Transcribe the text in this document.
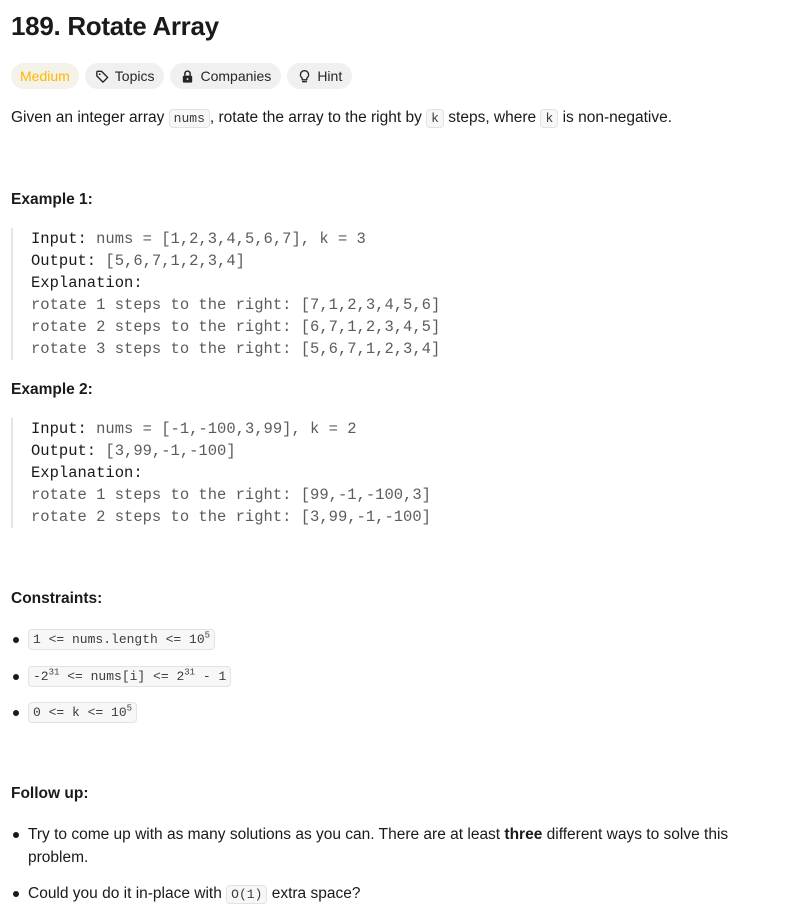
189. Rotate Array
Medium	Topics	Companies	Hint

Given an integer array nums , rotate the array to the right by k steps, where k is non-negative.

Example 1:
Input: nums = [1,2,3,4,5,6,7], k = 3
Output: [5,6,7,1,2,3,4]
Explanation:
rotate 1 steps to the right: [7,1,2,3,4,5,6]
rotate 2 steps to the right: [6,7,1,2,3,4,5]
rotate 3 steps to the right: [5,6,7,1,2,3,4]
Example 2:
Input: nums = [-1,-100,3,99], k = 2
Output: [3,99,-1,-100]
Explanation:
rotate 1 steps to the right: [99,-1,-100,3]
rotate 2 steps to the right: [3,99,-1,-100]
Constraints:
1 <= nums.length <= $10^5$
$-2^{31}$ <= nums[i] <= $2^{31} - 1$
$0 <= k <= 10^5$
Follow up:

Try to come up with as many solutions as you can. There are at least three different ways to solve this problem.

Could you do it in-place with O(1) extra space?
